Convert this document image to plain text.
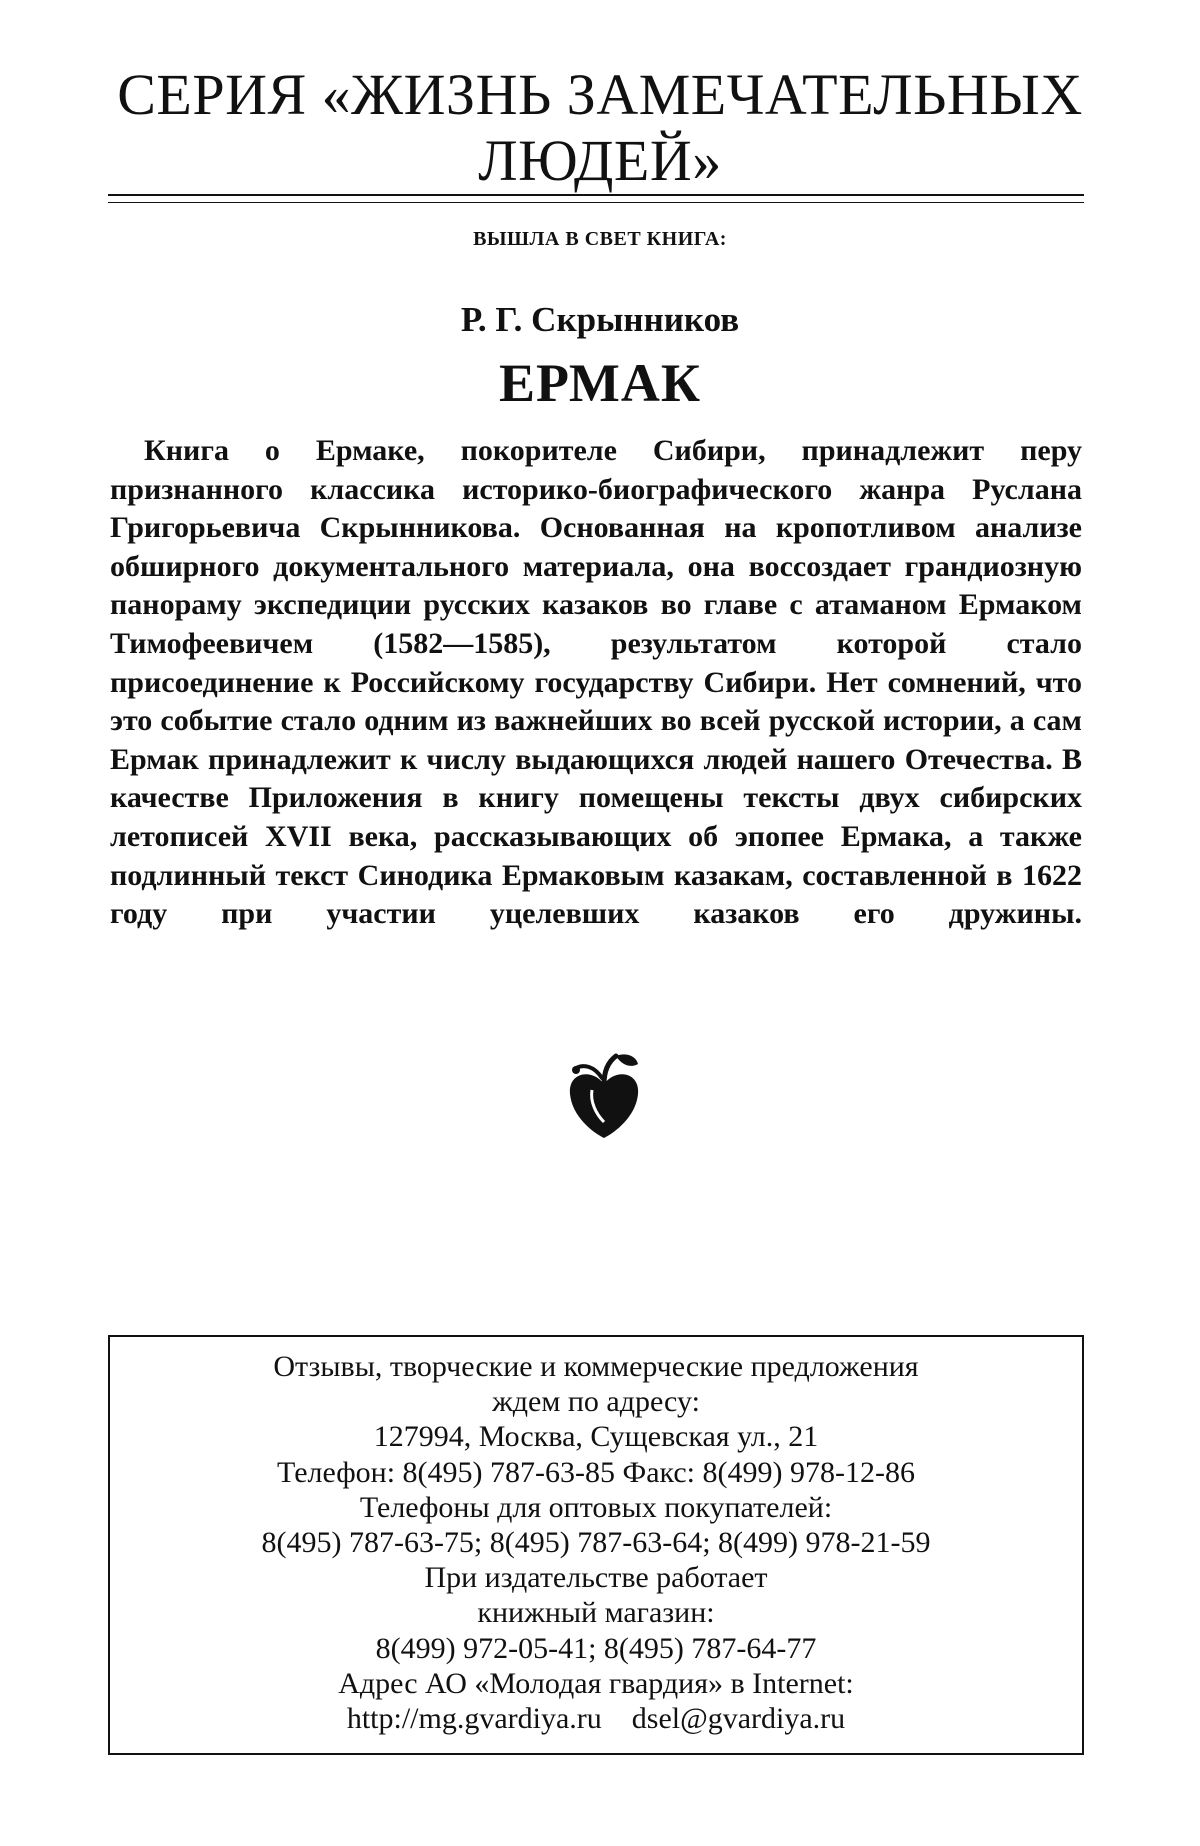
СЕРИЯ «ЖИЗНЬ ЗАМЕЧАТЕЛЬНЫХ
ЛЮДЕЙ»
ВЫШЛА В СВЕТ КНИГА:
Р. Г. Скрынников
ЕРМАК

Книга о Ермаке, покорителе Сибири, принадлежит перу признанного классика историко-биографического жанра Руслана Григорьевича Скрынникова. Основанная на кропотливом анализе обширного документального материала, она воссоздает грандиозную панораму экспедиции русских казаков во главе с атаманом Ермаком Тимофеевичем (1582—1585), результатом которой стало присоединение к Российскому государству Сибири. Нет сомнений, что это событие стало одним из важнейших во всей русской истории, а сам Ермак принадлежит к числу выдающихся людей нашего Отечества. В качестве Приложения в книгу помещены тексты двух сибирских летописей XVII века, рассказывающих об эпопее Ермака, а также подлинный текст Синодика Ермаковым казакам, составленной в 1622 году при участии уцелевших казаков его дружины.

Отзывы, творческие и коммерческие предложения
ждем по адресу:
127994, Москва, Сущевская ул., 21
Телефон: 8(495) 787-63-85 Факс: 8(499) 978-12-86
Телефоны для оптовых покупателей:
8(495) 787-63-75; 8(495) 787-63-64; 8(499) 978-21-59
При издательстве работает
книжный магазин:
8(499) 972-05-41; 8(495) 787-64-77
Адрес АО «Молодая гвардия» в Internet:
http://mg.gvardiya.ru    dsel@gvardiya.ru
